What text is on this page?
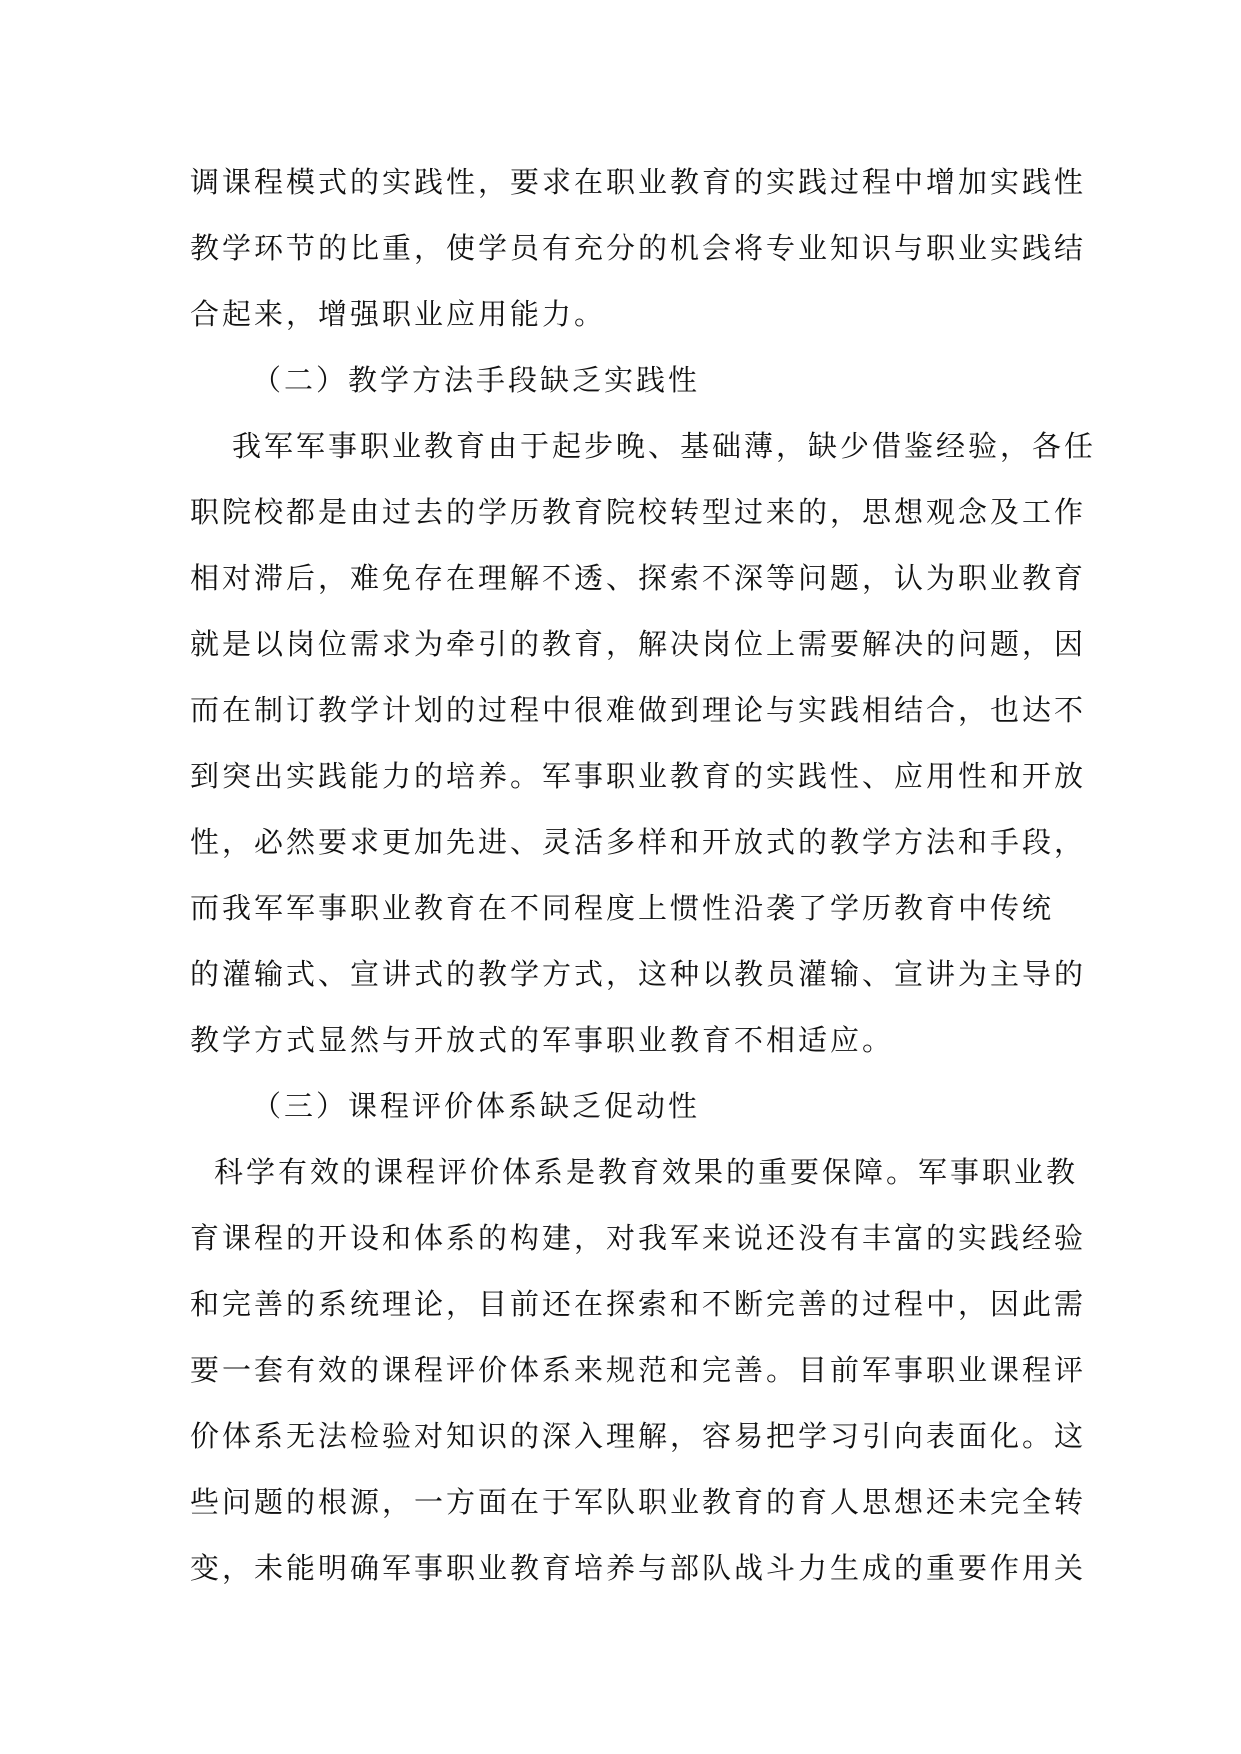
调课程模式的实践性，要求在职业教育的实践过程中增加实践性
教学环节的比重，使学员有充分的机会将专业知识与职业实践结
合起来，增强职业应用能力。
（二）教学方法手段缺乏实践性
我军军事职业教育由于起步晚、基础薄，缺少借鉴经验，各任
职院校都是由过去的学历教育院校转型过来的，思想观念及工作
相对滞后，难免存在理解不透、探索不深等问题，认为职业教育
就是以岗位需求为牵引的教育，解决岗位上需要解决的问题，因
而在制订教学计划的过程中很难做到理论与实践相结合，也达不
到突出实践能力的培养。军事职业教育的实践性、应用性和开放
性，必然要求更加先进、灵活多样和开放式的教学方法和手段，
而我军军事职业教育在不同程度上惯性沿袭了学历教育中传统
的灌输式、宣讲式的教学方式，这种以教员灌输、宣讲为主导的
教学方式显然与开放式的军事职业教育不相适应。
（三）课程评价体系缺乏促动性
科学有效的课程评价体系是教育效果的重要保障。军事职业教
育课程的开设和体系的构建，对我军来说还没有丰富的实践经验
和完善的系统理论，目前还在探索和不断完善的过程中，因此需
要一套有效的课程评价体系来规范和完善。目前军事职业课程评
价体系无法检验对知识的深入理解，容易把学习引向表面化。这
些问题的根源，一方面在于军队职业教育的育人思想还未完全转
变，未能明确军事职业教育培养与部队战斗力生成的重要作用关
